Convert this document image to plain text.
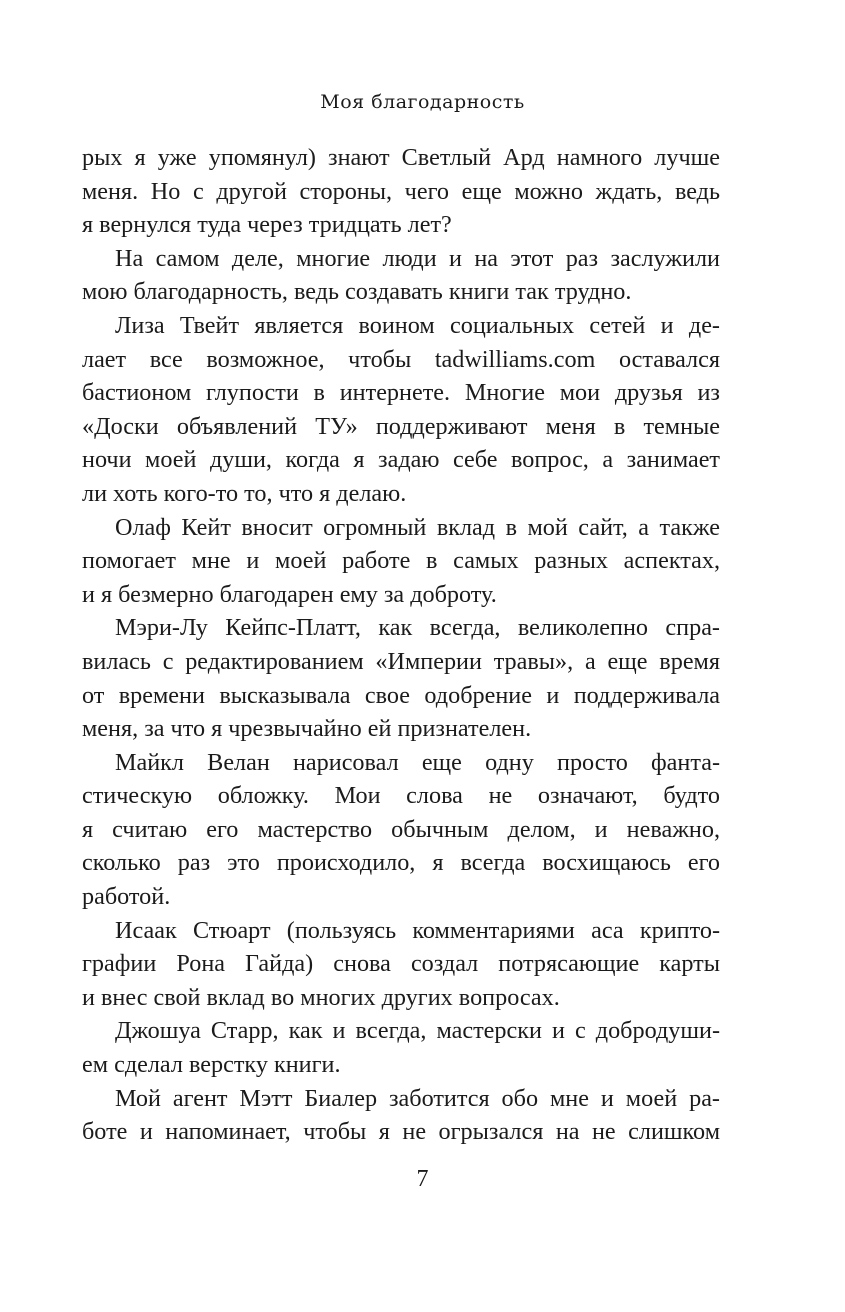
Моя благодарность

рых я уже упомянул) знают Светлый Ард намного лучше
меня. Но с другой стороны, чего еще можно ждать, ведь
я вернулся туда через тридцать лет?

На самом деле, многие люди и на этот раз заслужили
мою благодарность, ведь создавать книги так трудно.

Лиза Твейт является воином социальных сетей и де-
лает все возможное, чтобы tadwilliams.com оставался
бастионом глупости в интернете. Многие мои друзья из
«Доски объявлений ТУ» поддерживают меня в темные
ночи моей души, когда я задаю себе вопрос, а занимает
ли хоть кого-то то, что я делаю.

Олаф Кейт вносит огромный вклад в мой сайт, а также
помогает мне и моей работе в самых разных аспектах,
и я безмерно благодарен ему за доброту.

Мэри-Лу Кейпс-Платт, как всегда, великолепно спра-
вилась с редактированием «Империи травы», а еще время
от времени высказывала свое одобрение и поддерживала
меня, за что я чрезвычайно ей признателен.

Майкл Велан нарисовал еще одну просто фанта-
стическую обложку. Мои слова не означают, будто
я считаю его мастерство обычным делом, и неважно,
сколько раз это происходило, я всегда восхищаюсь его
работой.

Исаак Стюарт (пользуясь комментариями аса крипто-
графии Рона Гайда) снова создал потрясающие карты
и внес свой вклад во многих других вопросах.

Джошуа Старр, как и всегда, мастерски и с добродуши-
ем сделал верстку книги.

Мой агент Мэтт Биалер заботится обо мне и моей ра-
боте и напоминает, чтобы я не огрызался на не слишком

7
